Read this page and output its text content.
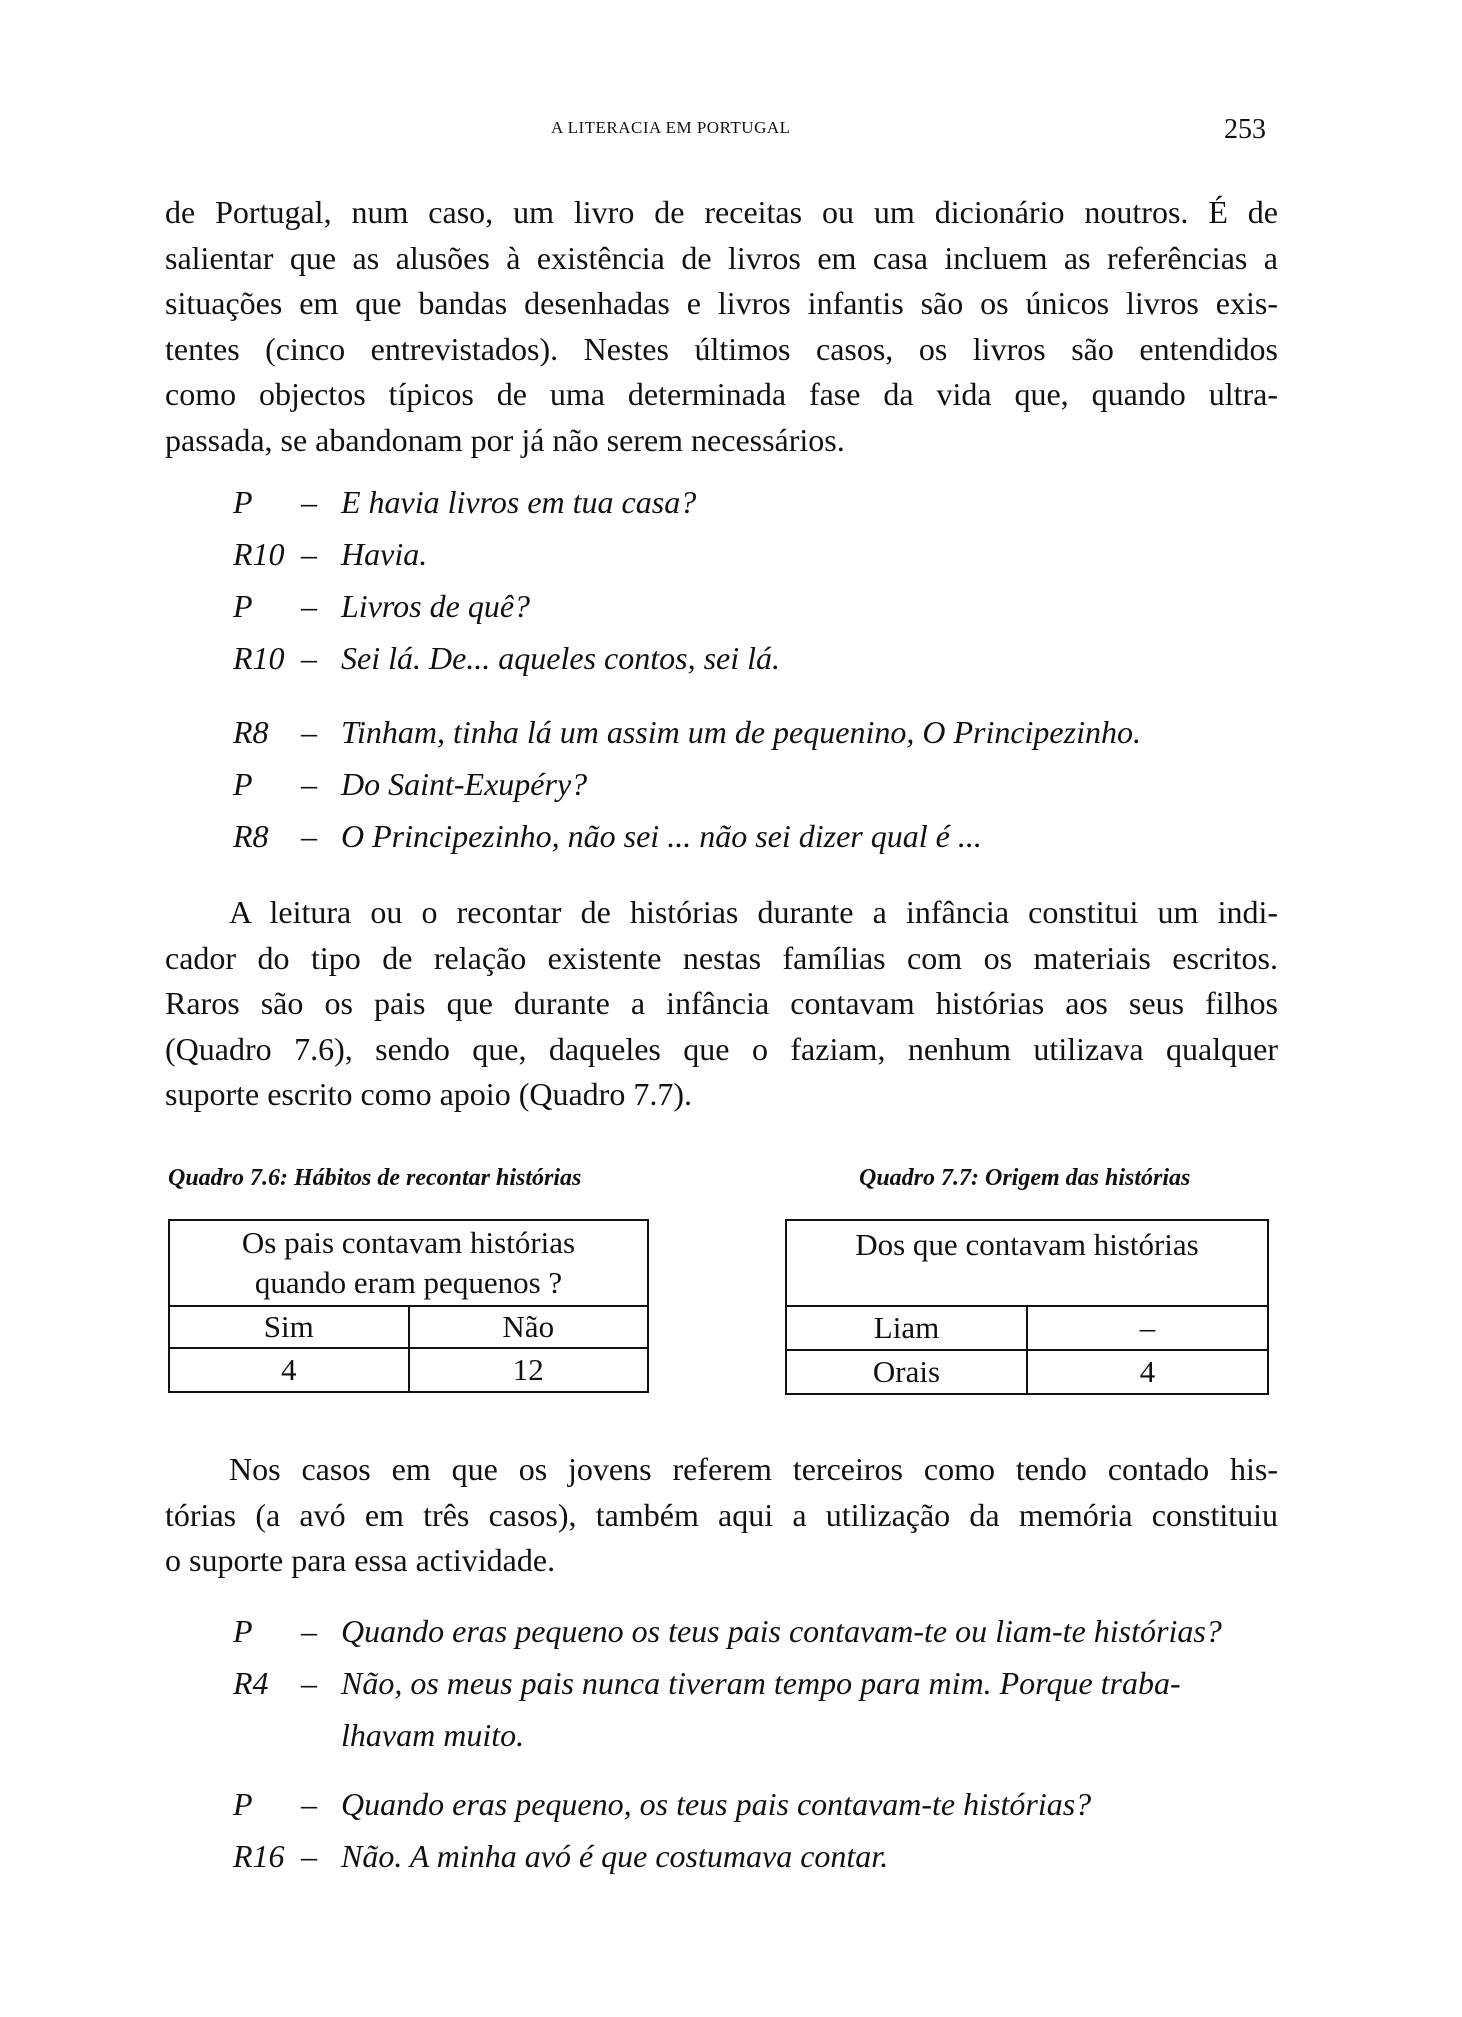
A LITERACIA EM PORTUGAL	253

de Portugal, num caso, um livro de receitas ou um dicionário noutros. É de
salientar que as alusões à existência de livros em casa incluem as referências a
situações em que bandas desenhadas e livros infantis são os únicos livros exis-
tentes (cinco entrevistados). Nestes últimos casos, os livros são entendidos
como objectos típicos de uma determinada fase da vida que, quando ultra-
passada, se abandonam por já não serem necessários.

P	– E havia livros em tua casa?
R10 – Havia.
P	– Livros de quê?
R10 – Sei lá. De... aqueles contos, sei lá.
R8	– Tinham, tinha lá um assim um de pequenino, O Principezinho.
P	– Do Saint-Exupéry?
R8	– O Principezinho, não sei ... não sei dizer qual é ...

A leitura ou o recontar de histórias durante a infância constitui um indi-
cador do tipo de relação existente nestas famílias com os materiais escritos.
Raros são os pais que durante a infância contavam histórias aos seus filhos
(Quadro 7.6), sendo que, daqueles que o faziam, nenhum utilizava qualquer
suporte escrito como apoio (Quadro 7.7).

Quadro 7.6: Hábitos de recontar histórias
Os pais contavam histórias
quando eram pequenos ?	
Sim	Não
4	12
Quadro 7.7: Origem das histórias
Dos que contavam histórias	
Liam	–
Orais	4

Nos casos em que os jovens referem terceiros como tendo contado his-
tórias (a avó em três casos), também aqui a utilização da memória constituiu
o suporte para essa actividade.

P	– Quando eras pequeno os teus pais contavam-te ou liam-te histórias?
R4	– Não, os meus pais nunca tiveram tempo para mim. Porque traba-
lhavam muito.
P	– Quando eras pequeno, os teus pais contavam-te histórias?
R16 – Não. A minha avó é que costumava contar.
